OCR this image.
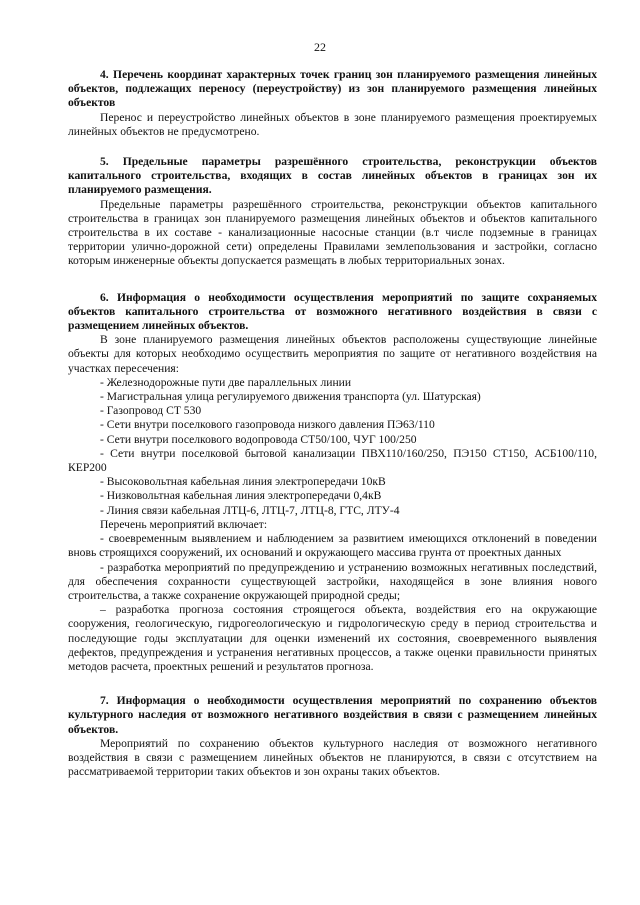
22

4. Перечень координат характерных точек границ зон планируемого размещения линейных объектов, подлежащих переносу (переустройству) из зон планируемого размещения линейных объектов

Перенос и переустройство линейных объектов в зоне планируемого размещения проектируемых линейных объектов не предусмотрено.

5. Предельные параметры разрешённого строительства, реконструкции объектов капитального строительства, входящих в состав линейных объектов в границах зон их планируемого размещения.

Предельные параметры разрешённого строительства, реконструкции объектов капитального строительства в границах зон планируемого размещения линейных объектов и объектов капитального строительства в их составе - канализационные насосные станции (в.т числе подземные в границах территории улично-дорожной сети) определены Правилами землепользования и застройки, согласно которым инженерные объекты допускается размещать в любых территориальных зонах.

6. Информация о необходимости осуществления мероприятий по защите сохраняемых объектов капитального строительства от возможного негативного воздействия в связи с размещением линейных объектов.

В зоне планируемого размещения линейных объектов расположены существующие линейные объекты для которых необходимо осуществить мероприятия по защите от негативного воздействия на участках пересечения:

- Железнодорожные пути две параллельных линии

- Магистральная улица регулируемого движения транспорта (ул. Шатурская)

- Газопровод СТ 530

- Сети внутри поселкового газопровода низкого давления ПЭ63/110

- Сети внутри поселкового водопровода СТ50/100, ЧУГ 100/250

- Сети внутри поселковой бытовой канализации ПВХ110/160/250, ПЭ150 СТ150, АСБ100/110, КЕР200

- Высоковольтная кабельная линия электропередачи 10кВ

- Низковольтная кабельная линия электропередачи 0,4кВ

- Линия связи кабельная ЛТЦ-6, ЛТЦ-7, ЛТЦ-8, ГТС, ЛТУ-4

Перечень мероприятий включает:

- своевременным выявлением и наблюдением за развитием имеющихся отклонений в поведении вновь строящихся сооружений, их оснований и окружающего массива грунта от проектных данных

- разработка мероприятий по предупреждению и устранению возможных негативных последствий, для обеспечения сохранности существующей застройки, находящейся в зоне влияния нового строительства, а также сохранение окружающей природной среды;

– разработка прогноза состояния строящегося объекта, воздействия его на окружающие сооружения, геологическую, гидрогеологическую и гидрологическую среду в период строительства и последующие годы эксплуатации для оценки изменений их состояния, своевременного выявления дефектов, предупреждения и устранения негативных процессов, а также оценки правильности принятых методов расчета, проектных решений и результатов прогноза.

7. Информация о необходимости осуществления мероприятий по сохранению объектов культурного наследия от возможного негативного воздействия в связи с размещением линейных объектов.

Мероприятий по сохранению объектов культурного наследия от возможного негативного воздействия в связи с размещением линейных объектов не планируются, в связи с отсутствием на рассматриваемой территории таких объектов и зон охраны таких объектов.
